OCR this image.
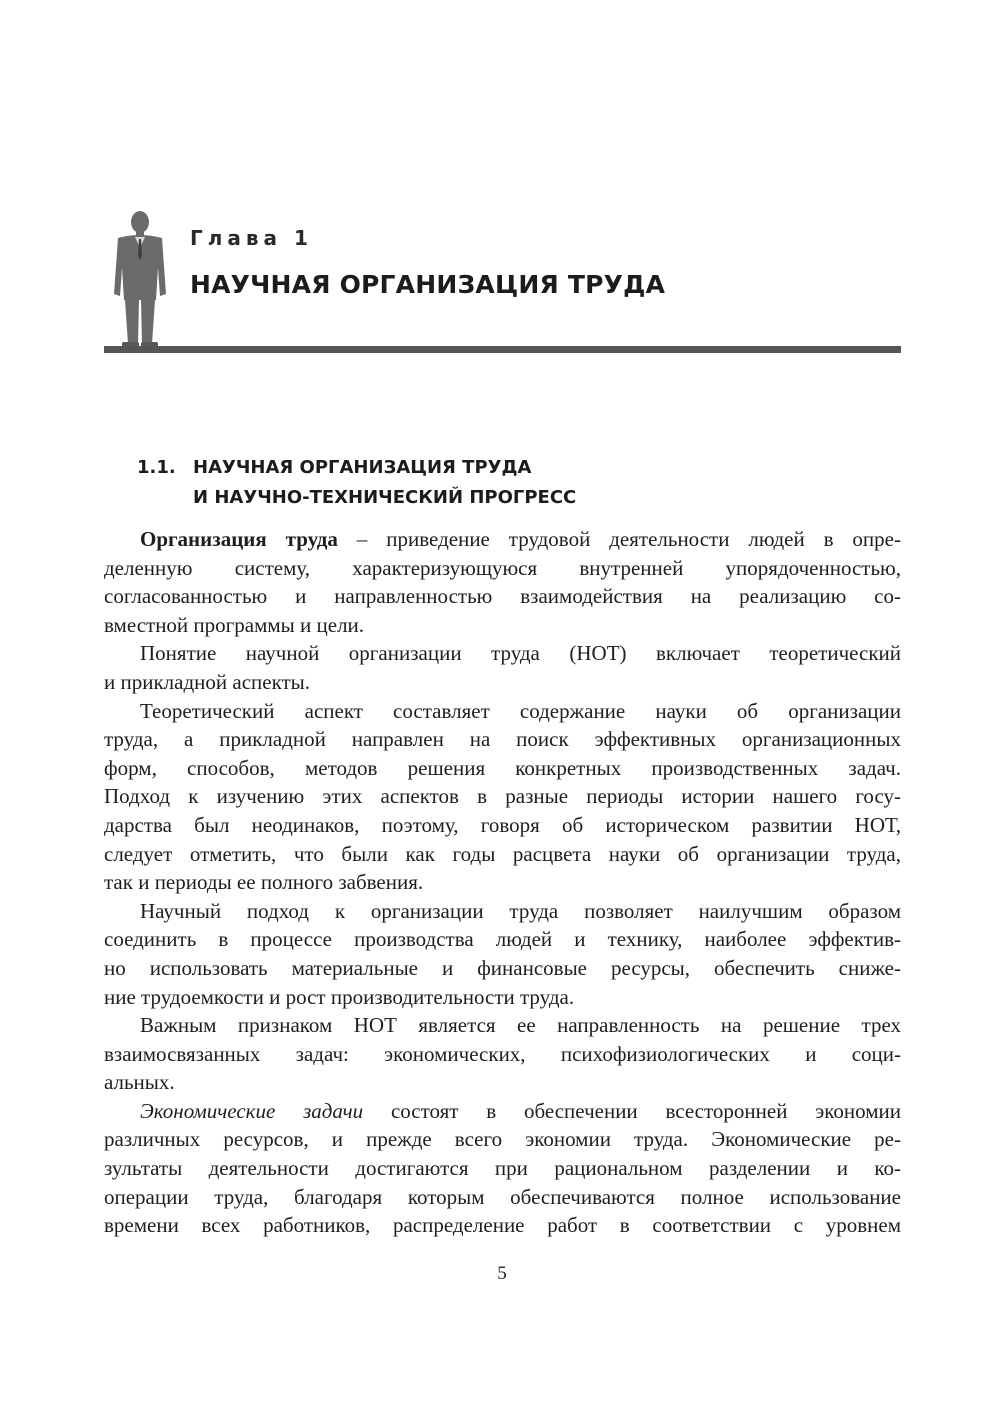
Глава 1

НАУЧНАЯ ОРГАНИЗАЦИЯ ТРУДА
1.1. НАУЧНАЯ ОРГАНИЗАЦИЯ ТРУДА
И НАУЧНО-ТЕХНИЧЕСКИЙ ПРОГРЕСС
Организация труда – приведение трудовой деятельности людей в опре-
деленную систему, характеризующуюся внутренней упорядоченностью,
согласованностью и направленностью взаимодействия на реализацию со-
вместной программы и цели.
Понятие научной организации труда (НОТ) включает теоретический
и прикладной аспекты.
Теоретический аспект составляет содержание науки об организации
труда, а прикладной направлен на поиск эффективных организационных
форм, способов, методов решения конкретных производственных задач.
Подход к изучению этих аспектов в разные периоды истории нашего госу-
дарства был неодинаков, поэтому, говоря об историческом развитии НОТ,
следует отметить, что были как годы расцвета науки об организации труда,
так и периоды ее полного забвения.
Научный подход к организации труда позволяет наилучшим образом
соединить в процессе производства людей и технику, наиболее эффектив-
но использовать материальные и финансовые ресурсы, обеспечить сниже-
ние трудоемкости и рост производительности труда.
Важным признаком НОТ является ее направленность на решение трех
взаимосвязанных задач: экономических, психофизиологических и соци-
альных.
Экономические задачи состоят в обеспечении всесторонней экономии
различных ресурсов, и прежде всего экономии труда. Экономические ре-
зультаты деятельности достигаются при рациональном разделении и ко-
операции труда, благодаря которым обеспечиваются полное использование
времени всех работников, распределение работ в соответствии с уровнем

5
